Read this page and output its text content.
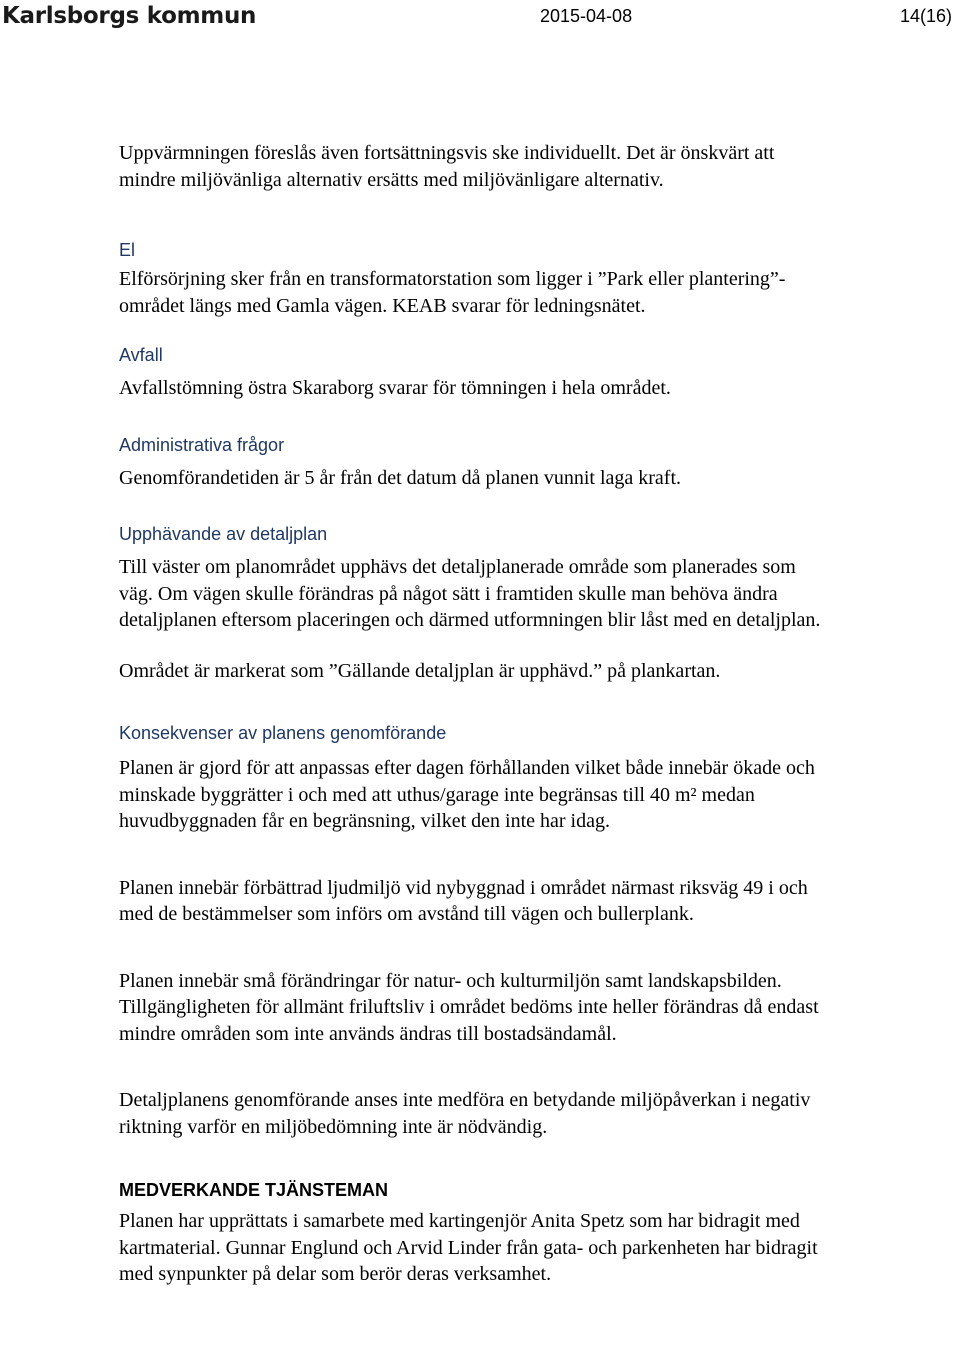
Karlsborgs kommun	2015-04-08	14(16)
Uppvärmningen föreslås även fortsättningsvis ske individuellt. Det är önskvärt att
mindre miljövänliga alternativ ersätts med miljövänligare alternativ.
El
Elförsörjning sker från en transformatorstation som ligger i ”Park eller plantering”-
området längs med Gamla vägen. KEAB svarar för ledningsnätet.
Avfall
Avfallstömning östra Skaraborg svarar för tömningen i hela området.
Administrativa frågor
Genomförandetiden är 5 år från det datum då planen vunnit laga kraft.
Upphävande av detaljplan
Till väster om planområdet upphävs det detaljplanerade område som planerades som
väg. Om vägen skulle förändras på något sätt i framtiden skulle man behöva ändra
detaljplanen eftersom placeringen och därmed utformningen blir låst med en detaljplan.
Området är markerat som ”Gällande detaljplan är upphävd.” på plankartan.
Konsekvenser av planens genomförande
Planen är gjord för att anpassas efter dagen förhållanden vilket både innebär ökade och
minskade byggrätter i och med att uthus/garage inte begränsas till 40 m² medan
huvudbyggnaden får en begränsning, vilket den inte har idag.
Planen innebär förbättrad ljudmiljö vid nybyggnad i området närmast riksväg 49 i och
med de bestämmelser som införs om avstånd till vägen och bullerplank.
Planen innebär små förändringar för natur- och kulturmiljön samt landskapsbilden.
Tillgängligheten för allmänt friluftsliv i området bedöms inte heller förändras då endast
mindre områden som inte används ändras till bostadsändamål.
Detaljplanens genomförande anses inte medföra en betydande miljöpåverkan i negativ
riktning varför en miljöbedömning inte är nödvändig.
MEDVERKANDE TJÄNSTEMAN
Planen har upprättats i samarbete med kartingenjör Anita Spetz som har bidragit med
kartmaterial. Gunnar Englund och Arvid Linder från gata- och parkenheten har bidragit
med synpunkter på delar som berör deras verksamhet.
